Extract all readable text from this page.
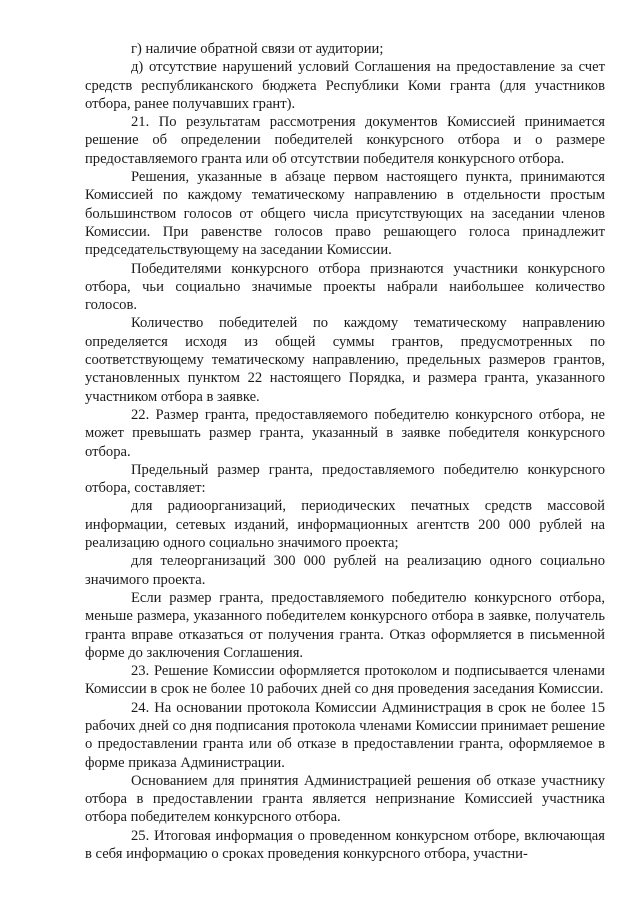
г) наличие обратной связи от аудитории;

д) отсутствие нарушений условий Соглашения на предоставление за счет средств республиканского бюджета Республики Коми гранта (для участников отбора, ранее получавших грант).

21. По результатам рассмотрения документов Комиссией принимается решение об определении победителей конкурсного отбора и о размере предоставляемого гранта или об отсутствии победителя конкурсного отбора.

Решения, указанные в абзаце первом настоящего пункта, принимаются Комиссией по каждому тематическому направлению в отдельности простым большинством голосов от общего числа присутствующих на заседании членов Комиссии. При равенстве голосов право решающего голоса принадлежит председательствующему на заседании Комиссии.

Победителями конкурсного отбора признаются участники конкурсного отбора, чьи социально значимые проекты набрали наибольшее количество голосов.

Количество победителей по каждому тематическому направлению определяется исходя из общей суммы грантов, предусмотренных по соответствующему тематическому направлению, предельных размеров грантов, установленных пунктом 22 настоящего Порядка, и размера гранта, указанного участником отбора в заявке.

22. Размер гранта, предоставляемого победителю конкурсного отбора, не может превышать размер гранта, указанный в заявке победителя конкурсного отбора.

Предельный размер гранта, предоставляемого победителю конкурсного отбора, составляет:

для радиоорганизаций, периодических печатных средств массовой информации, сетевых изданий, информационных агентств 200 000 рублей на реализацию одного социально значимого проекта;

для телеорганизаций 300 000 рублей на реализацию одного социально значимого проекта.

Если размер гранта, предоставляемого победителю конкурсного отбора, меньше размера, указанного победителем конкурсного отбора в заявке, получатель гранта вправе отказаться от получения гранта. Отказ оформляется в письменной форме до заключения Соглашения.

23. Решение Комиссии оформляется протоколом и подписывается членами Комиссии в срок не более 10 рабочих дней со дня проведения заседания Комиссии.

24. На основании протокола Комиссии Администрация в срок не более 15 рабочих дней со дня подписания протокола членами Комиссии принимает решение о предоставлении гранта или об отказе в предоставлении гранта, оформляемое в форме приказа Администрации.

Основанием для принятия Администрацией решения об отказе участнику отбора в предоставлении гранта является непризнание Комиссией участника отбора победителем конкурсного отбора.

25. Итоговая информация о проведенном конкурсном отборе, включающая в себя информацию о сроках проведения конкурсного отбора, участни-
